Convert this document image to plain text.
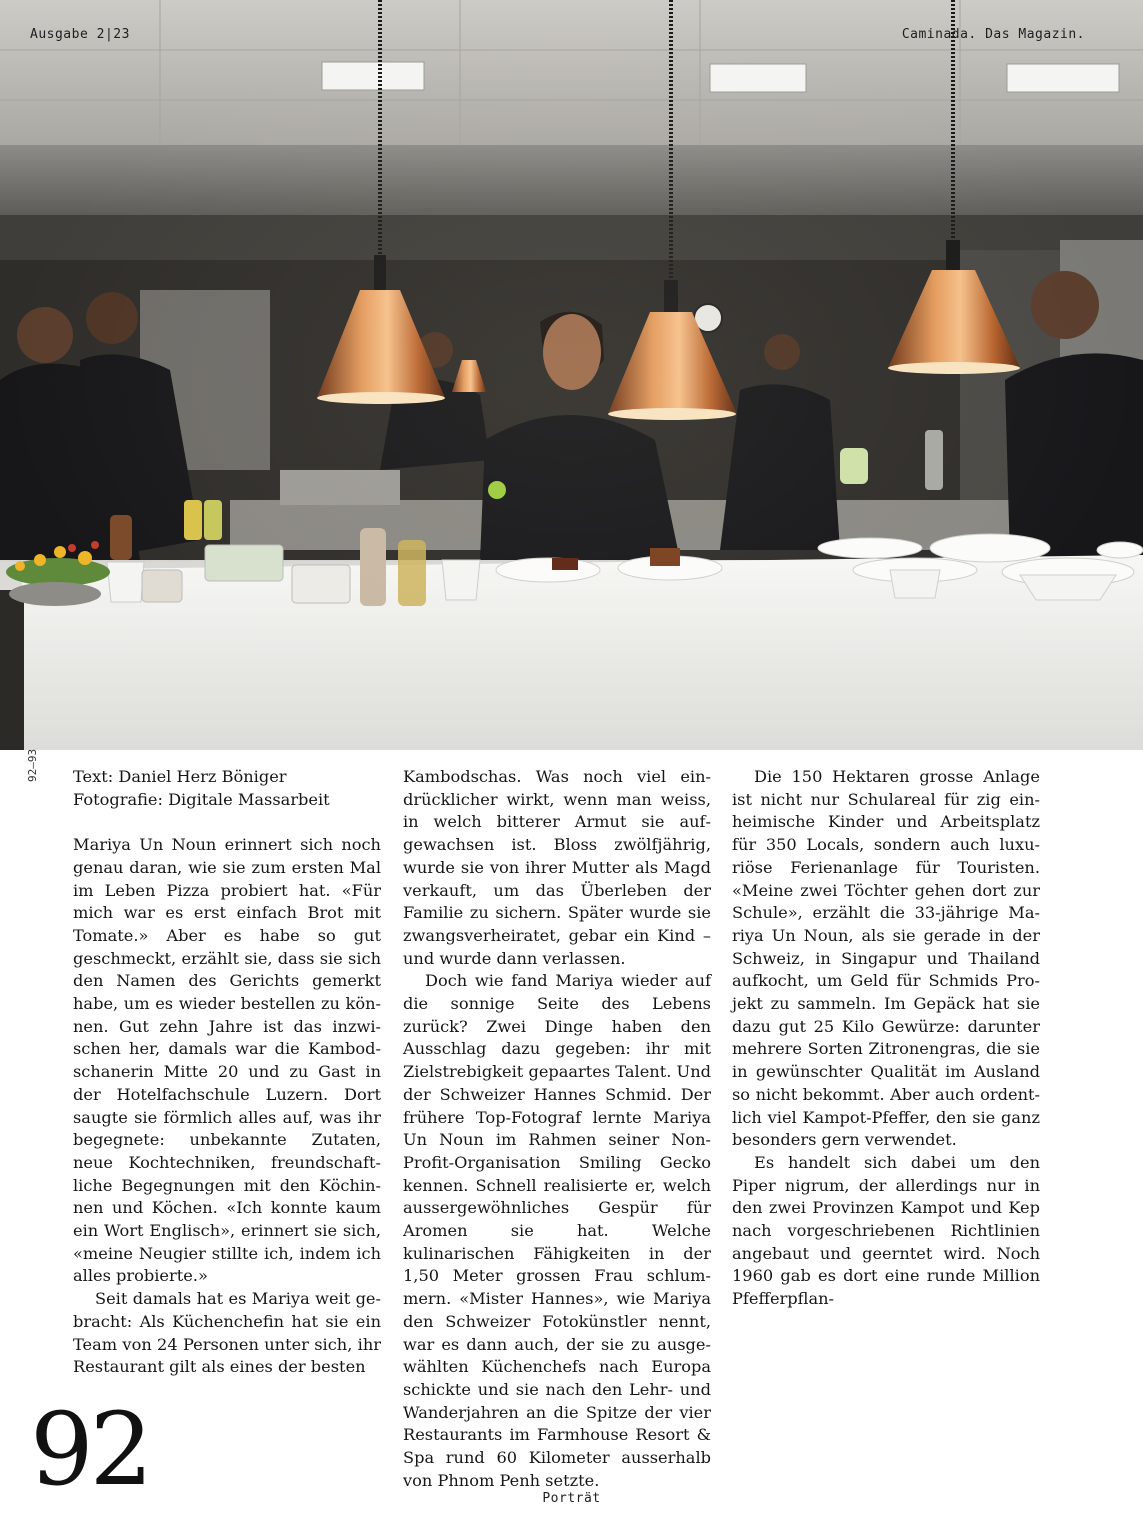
Ausgabe 2|23	Caminada. Das Magazin.
92–93 Text: Daniel Herz Böniger

Fotografie: Digitale Massarbeit

Mariya Un Noun erinnert sich noch genau daran, wie sie zum ersten Mal im Leben Pizza probiert hat. «Für mich war es erst einfach Brot mit Tomate.» Aber es habe so gut geschmeckt, erzählt sie, dass sie sich den Namen des Gerichts gemerkt habe, um es wieder bestellen zu können. Gut zehn Jahre ist das inzwischen her, damals war die Kambodschanerin Mitte 20 und zu Gast in der Hotelfachschule Luzern. Dort saugte sie förmlich alles auf, was ihr begegnete: unbekannte Zutaten, neue Kochtechniken, freundschaftliche Begegnungen mit den Köchinnen und Köchen. «Ich konnte kaum ein Wort Englisch», erinnert sie sich, «meine Neugier stillte ich, indem ich alles probierte.»

Seit damals hat es Mariya weit gebracht: Als Küchenchefin hat sie ein Team von 24 Personen unter sich, ihr Restaurant gilt als eines der besten

Kambodschas. Was noch viel eindrücklicher wirkt, wenn man weiss, in welch bitterer Armut sie aufgewachsen ist. Bloss zwölfjährig, wurde sie von ihrer Mutter als Magd verkauft, um das Überleben der Familie zu sichern. Später wurde sie zwangsverheiratet, gebar ein Kind – und wurde dann verlassen.

Doch wie fand Mariya wieder auf die sonnige Seite des Lebens zurück? Zwei Dinge haben den Ausschlag dazu gegeben: ihr mit Zielstrebigkeit gepaartes Talent. Und der Schweizer Hannes Schmid. Der frühere Top-Fotograf lernte Mariya Un Noun im Rahmen seiner Non-Profit-Organisation Smiling Gecko kennen. Schnell realisierte er, welch aussergewöhnliches Gespür für Aromen sie hat. Welche kulinarischen Fähigkeiten in der 1,50 Meter grossen Frau schlummern. «Mister Hannes», wie Mariya den Schweizer Fotokünstler nennt, war es dann auch, der sie zu ausgewählten Küchenchefs nach Europa schickte und sie nach den Lehr- und Wanderjahren an die Spitze der vier Restaurants im Farmhouse Resort & Spa rund 60 Kilometer ausserhalb von Phnom Penh setzte.

Die 150 Hektaren grosse Anlage ist nicht nur Schulareal für zig einheimische Kinder und Arbeitsplatz für 350 Locals, sondern auch luxuriöse Ferienanlage für Touristen. «Meine zwei Töchter gehen dort zur Schule», erzählt die 33-jährige Mariya Un Noun, als sie gerade in der Schweiz, in Singapur und Thailand aufkocht, um Geld für Schmids Projekt zu sammeln. Im Gepäck hat sie dazu gut 25 Kilo Gewürze: darunter mehrere Sorten Zitronengras, die sie in gewünschter Qualität im Ausland so nicht bekommt. Aber auch ordentlich viel Kampot-Pfeffer, den sie ganz besonders gern verwendet.

Es handelt sich dabei um den Piper nigrum, der allerdings nur in den zwei Provinzen Kampot und Kep nach vorgeschriebenen Richtlinien angebaut und geerntet wird. Noch 1960 gab es dort eine runde Million Pfefferpflan-

92	Porträt
